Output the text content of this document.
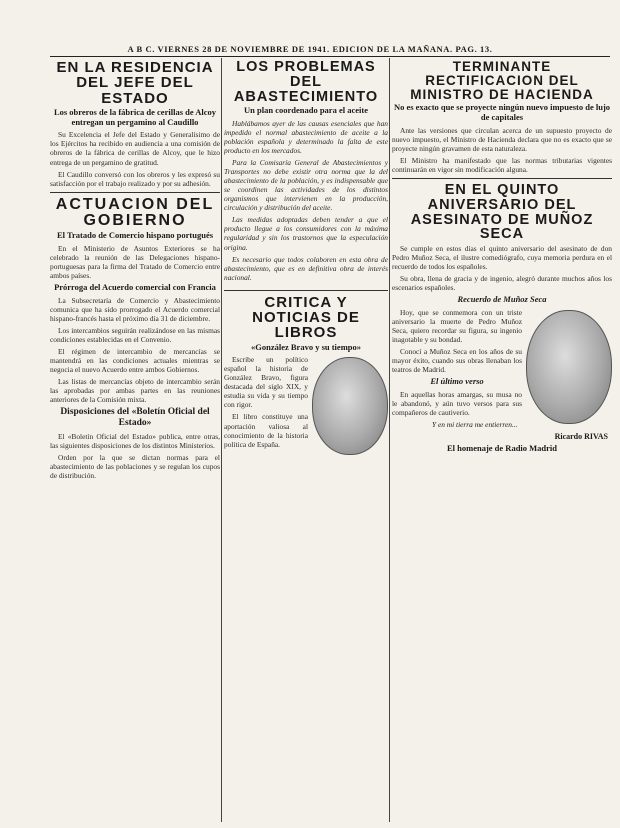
A B C. VIERNES 28 DE NOVIEMBRE DE 1941. EDICION DE LA MAÑANA. PAG. 13.
EN LA RESIDENCIA DEL JEFE DEL ESTADO
Los obreros de la fábrica de cerillas de Alcoy entregan un pergamino al Caudillo

Su Excelencia el Jefe del Estado y Generalísimo de los Ejércitos ha recibido en audiencia a una comisión de obreros de la fábrica de cerillas de Alcoy, que le hizo entrega de un pergamino de gratitud.

El Caudillo conversó con los obreros y les expresó su satisfacción por el trabajo realizado y por su adhesión.

ACTUACION DEL GOBIERNO
El Tratado de Comercio hispano portugués

En el Ministerio de Asuntos Exteriores se ha celebrado la reunión de las Delegaciones hispano-portuguesas para la firma del Tratado de Comercio entre ambos países.

Prórroga del Acuerdo comercial con Francia

La Subsecretaría de Comercio y Abastecimiento comunica que ha sido prorrogado el Acuerdo comercial hispano-francés hasta el próximo día 31 de diciembre.

Los intercambios seguirán realizándose en las mismas condiciones establecidas en el Convenio.

El régimen de intercambio de mercancías se mantendrá en las condiciones actuales mientras se negocia el nuevo Acuerdo entre ambos Gobiernos.

Las listas de mercancías objeto de intercambio serán las aprobadas por ambas partes en las reuniones anteriores de la Comisión mixta.

Disposiciones del «Boletín Oficial del Estado»

El «Boletín Oficial del Estado» publica, entre otras, las siguientes disposiciones de los distintos Ministerios.

Orden por la que se dictan normas para el abastecimiento de las poblaciones y se regulan los cupos de distribución.

LOS PROBLEMAS DEL ABASTECIMIENTO
Un plan coordenado para el aceite

Hablábamos ayer de las causas esenciales que han impedido el normal abastecimiento de aceite a la población española y determinado la falta de este producto en los mercados.

Para la Comisaría General de Abastecimientos y Transportes no debe existir otra norma que la del abastecimiento de la población, y es indispensable que se coordinen las actividades de los distintos organismos que intervienen en la producción, circulación y distribución del aceite.

Las medidas adoptadas deben tender a que el producto llegue a los consumidores con la máxima regularidad y sin los trastornos que la especulación origina.

Es necesario que todos colaboren en esta obra de abastecimiento, que es en definitiva obra de interés nacional.

CRITICA Y NOTICIAS DE LIBROS
«González Bravo y su tiempo»

Escribe un político español la historia de González Bravo, figura destacada del siglo XIX, y estudia su vida y su tiempo con rigor.

El libro constituye una aportación valiosa al conocimiento de la historia política de España.

TERMINANTE RECTIFICACION DEL MINISTRO DE HACIENDA
No es exacto que se proyecte ningún nuevo impuesto de lujo de capitales

Ante las versiones que circulan acerca de un supuesto proyecto de nuevo impuesto, el Ministro de Hacienda declara que no es exacto que se proyecte ningún gravamen de esta naturaleza.

El Ministro ha manifestado que las normas tributarias vigentes continuarán en vigor sin modificación alguna.

EN EL QUINTO ANIVERSARIO DEL ASESINATO DE MUÑOZ SECA

Se cumple en estos días el quinto aniversario del asesinato de don Pedro Muñoz Seca, el ilustre comediógrafo, cuya memoria perdura en el recuerdo de todos los españoles.

Su obra, llena de gracia y de ingenio, alegró durante muchos años los escenarios españoles.

Recuerdo de Muñoz Seca

Hoy, que se conmemora con un triste aniversario la muerte de Pedro Muñoz Seca, quiero recordar su figura, su ingenio inagotable y su bondad.

Conocí a Muñoz Seca en los años de su mayor éxito, cuando sus obras llenaban los teatros de Madrid.

El último verso

En aquellas horas amargas, su musa no le abandonó, y aún tuvo versos para sus compañeros de cautiverio.

Y en mi tierra me entierren...
Ricardo RIVAS
El homenaje de Radio Madrid
